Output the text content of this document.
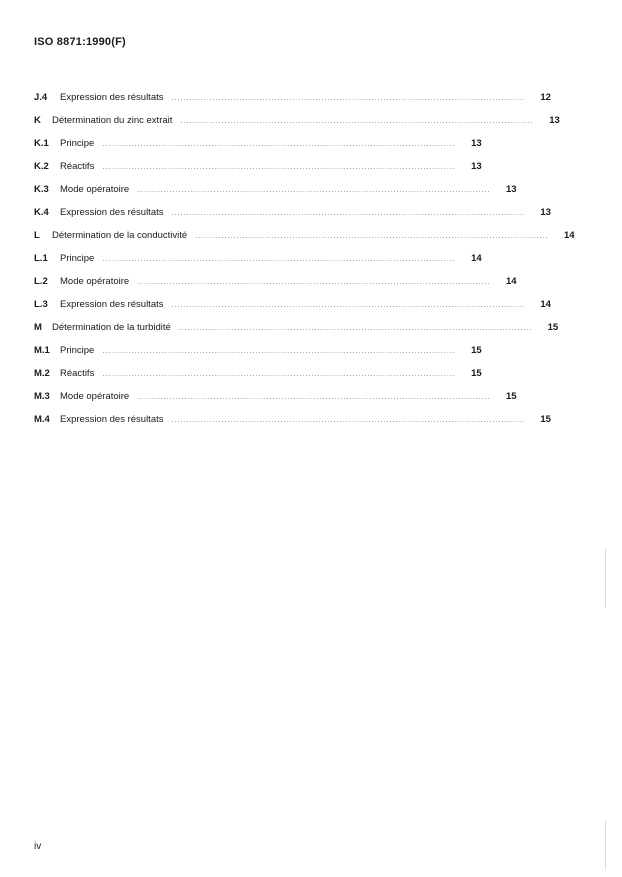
ISO 8871:1990(F)
J.4	Expression des résultats	........................................................................................................................	12
K	Détermination du zinc extrait	........................................................................................................................	13
K.1	Principe	........................................................................................................................	13
K.2	Réactifs	........................................................................................................................	13
K.3	Mode opératoire	........................................................................................................................	13
K.4	Expression des résultats	........................................................................................................................	13
L	Détermination de la conductivité	........................................................................................................................	14
L.1	Principe	........................................................................................................................	14
L.2	Mode opératoire	........................................................................................................................	14
L.3	Expression des résultats	........................................................................................................................	14
M	Détermination de la turbidité	........................................................................................................................	15
M.1	Principe	........................................................................................................................	15
M.2	Réactifs	........................................................................................................................	15
M.3	Mode opératoire	........................................................................................................................	15
M.4	Expression des résultats	........................................................................................................................	15
iv
